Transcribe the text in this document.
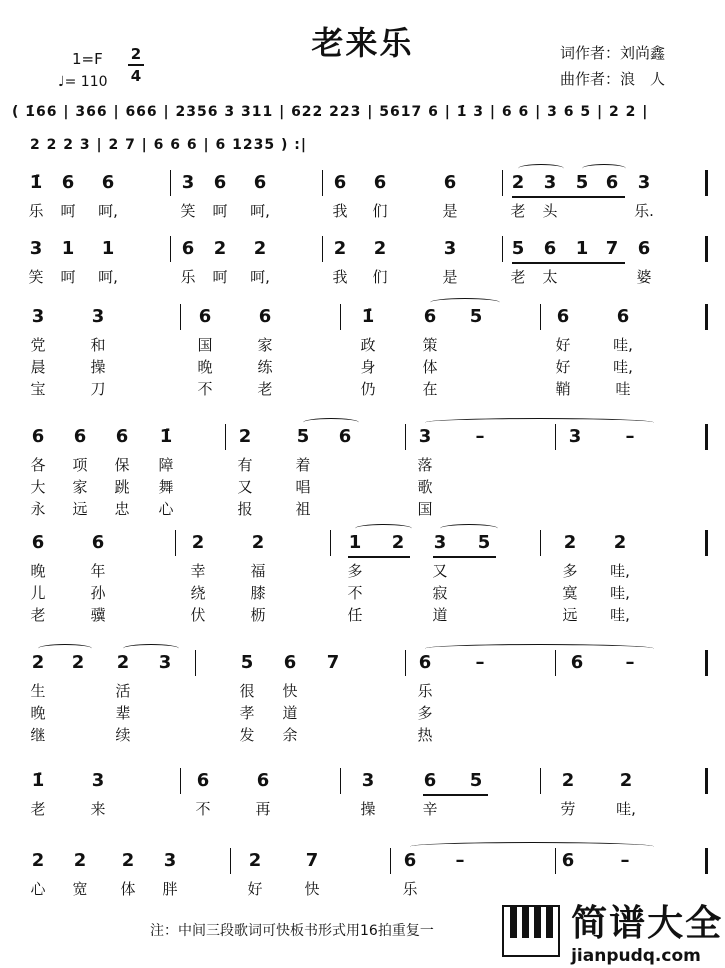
老来乐	词作者：刘尚鑫
曲作者：浪　人
1=F 2
4
♩= 110
( 1̇66 | 366 | 666 | 2356 3 311 | 622 223 | 5617 6 | 1̇ 3 | 6 6 | 3 6 5 | 2 2 |
2 2 2 3 | 2 7 | 6 6 6 | 6 1235 ) :|
1̇ 6 6	3 6 6	6 6	6	2 3 5 6 3
乐 呵 呵,	笑 呵 呵,	我 们	是	老 头	乐.
3 1 1	6 2 2	2 2	3	5 6 1 7 6
笑 呵 呵,	乐 呵 呵,	我 们	是	老 太	婆
3	3	6	6	1̇	6 5	6	6
党	和	国	家	政	策	好	哇,
晨	操	晚	练	身	体	好	哇,
宝	刀	不	老	仍	在	鞘	哇
6 6 6 1̇	2	5 6	3 –	3 –
各 项 保 障	有	着	落
大 家 跳 舞	又	唱	歌
永 远 忠 心	报	祖	国
6	6	2	2	1 2 3 5	2 2
晚	年	幸	福	多	又	多 哇,
儿	孙	绕	膝	不	寂	寞 哇,
老	骥	伏	枥	任	道	远 哇,
2 2 2 3	5 6 7	6 –	6 –
生	活	很 快	乐
晚	辈	孝 道	多
继	续	发 余	热
1̇	3	6	6	3	6 5	2	2
老	来	不	再	操	辛	劳	哇,
2 2 2 3	2 7	6 –	6	–
心 宽 体 胖	好	快	乐
注：中间三段歌词可快板书形式用16拍重复一
	简谱大全
jianpudq.com
